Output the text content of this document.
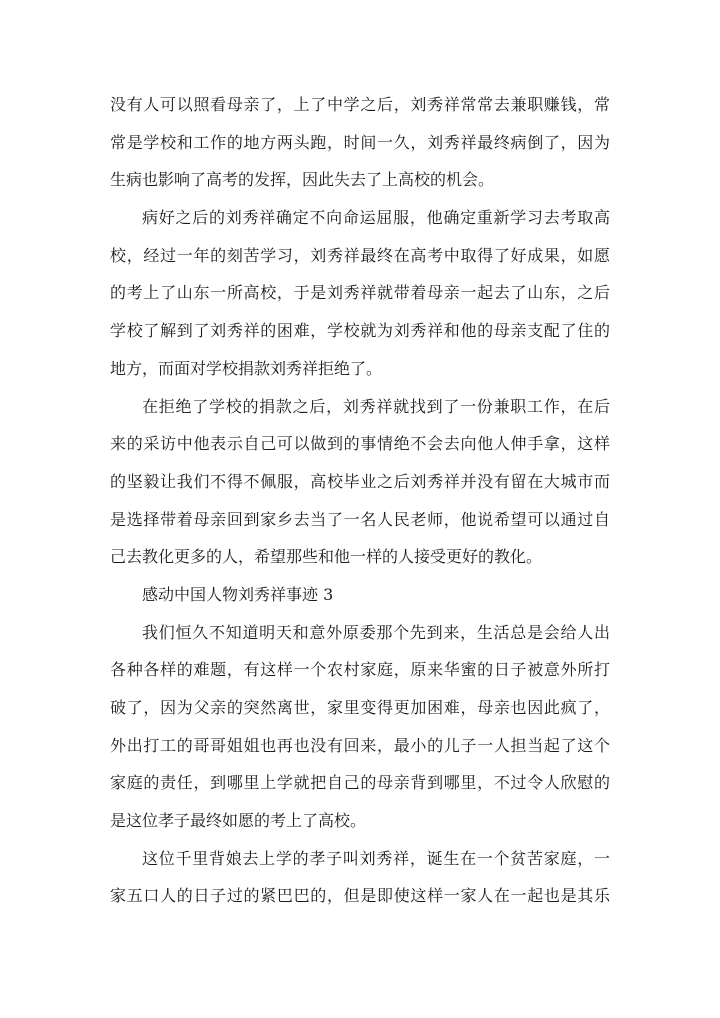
没有人可以照看母亲了，上了中学之后，刘秀祥常常去兼职赚钱，常
常是学校和工作的地方两头跑，时间一久，刘秀祥最终病倒了，因为
生病也影响了高考的发挥，因此失去了上高校的机会。
病好之后的刘秀祥确定不向命运屈服，他确定重新学习去考取高
校，经过一年的刻苦学习，刘秀祥最终在高考中取得了好成果，如愿
的考上了山东一所高校，于是刘秀祥就带着母亲一起去了山东，之后
学校了解到了刘秀祥的困难，学校就为刘秀祥和他的母亲支配了住的
地方，而面对学校捐款刘秀祥拒绝了。
在拒绝了学校的捐款之后，刘秀祥就找到了一份兼职工作，在后
来的采访中他表示自己可以做到的事情绝不会去向他人伸手拿，这样
的坚毅让我们不得不佩服，高校毕业之后刘秀祥并没有留在大城市而
是选择带着母亲回到家乡去当了一名人民老师，他说希望可以通过自
己去教化更多的人，希望那些和他一样的人接受更好的教化。
感动中国人物刘秀祥事迹 3
我们恒久不知道明天和意外原委那个先到来，生活总是会给人出
各种各样的难题，有这样一个农村家庭，原来华蜜的日子被意外所打
破了，因为父亲的突然离世，家里变得更加困难，母亲也因此疯了，
外出打工的哥哥姐姐也再也没有回来，最小的儿子一人担当起了这个
家庭的责任，到哪里上学就把自己的母亲背到哪里，不过令人欣慰的
是这位孝子最终如愿的考上了高校。
这位千里背娘去上学的孝子叫刘秀祥，诞生在一个贫苦家庭，一
家五口人的日子过的紧巴巴的，但是即使这样一家人在一起也是其乐
